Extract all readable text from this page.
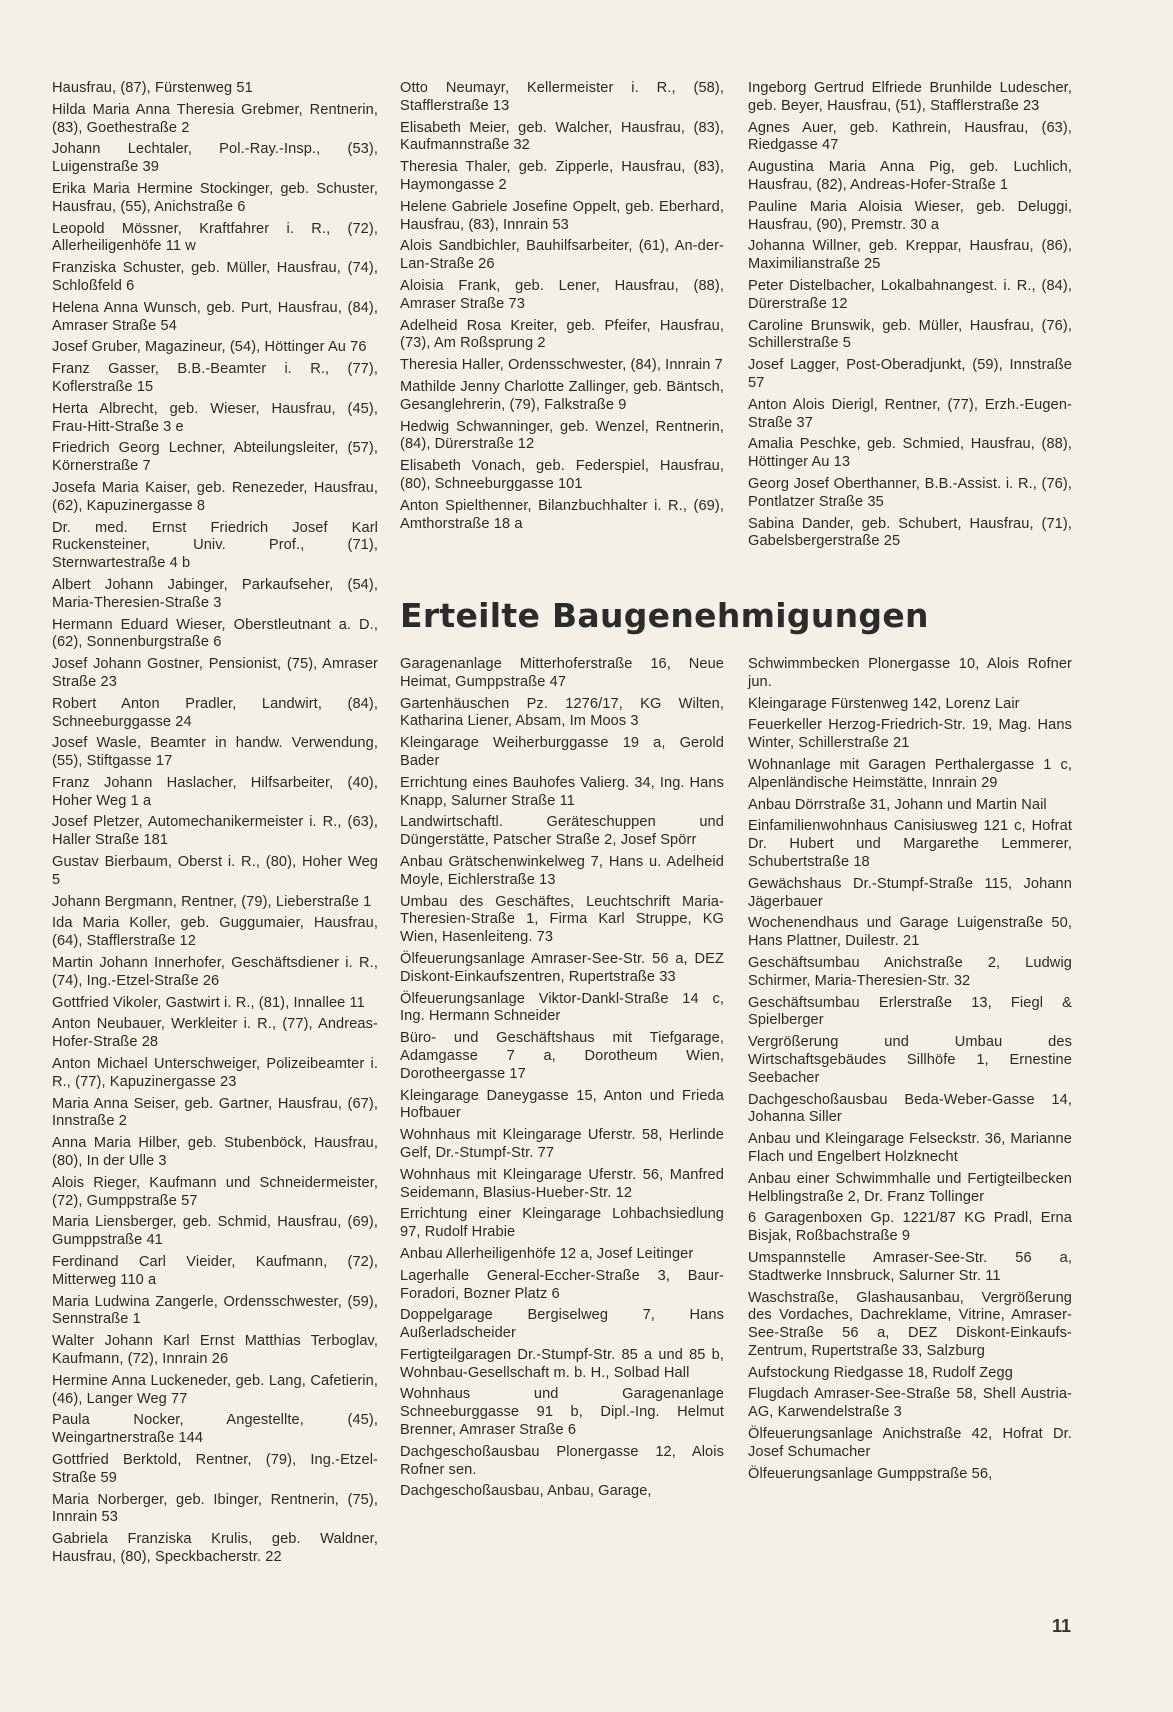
Hausfrau, (87), Fürstenweg 51

Hilda Maria Anna Theresia Grebmer, Rentnerin, (83), Goethestraße 2

Johann Lechtaler, Pol.-Ray.-Insp., (53), Luigenstraße 39

Erika Maria Hermine Stockinger, geb. Schuster, Hausfrau, (55), Anichstraße 6

Leopold Mössner, Kraftfahrer i. R., (72), Allerheiligenhöfe 11 w

Franziska Schuster, geb. Müller, Hausfrau, (74), Schloßfeld 6

Helena Anna Wunsch, geb. Purt, Hausfrau, (84), Amraser Straße 54

Josef Gruber, Magazineur, (54), Höttinger Au 76

Franz Gasser, B.B.-Beamter i. R., (77), Koflerstraße 15

Herta Albrecht, geb. Wieser, Hausfrau, (45), Frau-Hitt-Straße 3 e

Friedrich Georg Lechner, Abteilungsleiter, (57), Körnerstraße 7

Josefa Maria Kaiser, geb. Renezeder, Hausfrau, (62), Kapuzinergasse 8

Dr. med. Ernst Friedrich Josef Karl Ruckensteiner, Univ. Prof., (71), Sternwartestraße 4 b

Albert Johann Jabinger, Parkaufseher, (54), Maria-Theresien-Straße 3

Hermann Eduard Wieser, Oberstleutnant a. D., (62), Sonnenburgstraße 6

Josef Johann Gostner, Pensionist, (75), Amraser Straße 23

Robert Anton Pradler, Landwirt, (84), Schneeburggasse 24

Josef Wasle, Beamter in handw. Verwendung, (55), Stiftgasse 17

Franz Johann Haslacher, Hilfsarbeiter, (40), Hoher Weg 1 a

Josef Pletzer, Automechanikermeister i. R., (63), Haller Straße 181

Gustav Bierbaum, Oberst i. R., (80), Hoher Weg 5

Johann Bergmann, Rentner, (79), Lieberstraße 1

Ida Maria Koller, geb. Guggumaier, Hausfrau, (64), Stafflerstraße 12

Martin Johann Innerhofer, Geschäftsdiener i. R., (74), Ing.-Etzel-Straße 26

Gottfried Vikoler, Gastwirt i. R., (81), Innallee 11

Anton Neubauer, Werkleiter i. R., (77), Andreas-Hofer-Straße 28

Anton Michael Unterschweiger, Polizeibeamter i. R., (77), Kapuzinergasse 23

Maria Anna Seiser, geb. Gartner, Hausfrau, (67), Innstraße 2

Anna Maria Hilber, geb. Stubenböck, Hausfrau, (80), In der Ulle 3

Alois Rieger, Kaufmann und Schneidermeister, (72), Gumppstraße 57

Maria Liensberger, geb. Schmid, Hausfrau, (69), Gumppstraße 41

Ferdinand Carl Vieider, Kaufmann, (72), Mitterweg 110 a

Maria Ludwina Zangerle, Ordensschwester, (59), Sennstraße 1

Walter Johann Karl Ernst Matthias Terboglav, Kaufmann, (72), Innrain 26

Hermine Anna Luckeneder, geb. Lang, Cafetierin, (46), Langer Weg 77

Paula Nocker, Angestellte, (45), Weingartnerstraße 144

Gottfried Berktold, Rentner, (79), Ing.-Etzel-Straße 59

Maria Norberger, geb. Ibinger, Rentnerin, (75), Innrain 53

Gabriela Franziska Krulis, geb. Waldner, Hausfrau, (80), Speckbacherstr. 22

Otto Neumayr, Kellermeister i. R., (58), Stafflerstraße 13

Elisabeth Meier, geb. Walcher, Hausfrau, (83), Kaufmannstraße 32

Theresia Thaler, geb. Zipperle, Hausfrau, (83), Haymongasse 2

Helene Gabriele Josefine Oppelt, geb. Eberhard, Hausfrau, (83), Innrain 53

Alois Sandbichler, Bauhilfsarbeiter, (61), An-der-Lan-Straße 26

Aloisia Frank, geb. Lener, Hausfrau, (88), Amraser Straße 73

Adelheid Rosa Kreiter, geb. Pfeifer, Hausfrau, (73), Am Roßsprung 2

Theresia Haller, Ordensschwester, (84), Innrain 7

Mathilde Jenny Charlotte Zallinger, geb. Bäntsch, Gesanglehrerin, (79), Falkstraße 9

Hedwig Schwanninger, geb. Wenzel, Rentnerin, (84), Dürerstraße 12

Elisabeth Vonach, geb. Federspiel, Hausfrau, (80), Schneeburggasse 101

Anton Spielthenner, Bilanzbuchhalter i. R., (69), Amthorstraße 18 a

Ingeborg Gertrud Elfriede Brunhilde Ludescher, geb. Beyer, Hausfrau, (51), Stafflerstraße 23

Agnes Auer, geb. Kathrein, Hausfrau, (63), Riedgasse 47

Augustina Maria Anna Pig, geb. Luchlich, Hausfrau, (82), Andreas-Hofer-Straße 1

Pauline Maria Aloisia Wieser, geb. Deluggi, Hausfrau, (90), Premstr. 30 a

Johanna Willner, geb. Kreppar, Hausfrau, (86), Maximilianstraße 25

Peter Distelbacher, Lokalbahnangest. i. R., (84), Dürerstraße 12

Caroline Brunswik, geb. Müller, Hausfrau, (76), Schillerstraße 5

Josef Lagger, Post-Oberadjunkt, (59), Innstraße 57

Anton Alois Dierigl, Rentner, (77), Erzh.-Eugen-Straße 37

Amalia Peschke, geb. Schmied, Hausfrau, (88), Höttinger Au 13

Georg Josef Oberthanner, B.B.-Assist. i. R., (76), Pontlatzer Straße 35

Sabina Dander, geb. Schubert, Hausfrau, (71), Gabelsbergerstraße 25

Erteilte Baugenehmigungen

Garagenanlage Mitterhoferstraße 16, Neue Heimat, Gumppstraße 47

Gartenhäuschen Pz. 1276/17, KG Wilten, Katharina Liener, Absam, Im Moos 3

Kleingarage Weiherburggasse 19 a, Gerold Bader

Errichtung eines Bauhofes Valierg. 34, Ing. Hans Knapp, Salurner Straße 11

Landwirtschaftl. Geräteschuppen und Düngerstätte, Patscher Straße 2, Josef Spörr

Anbau Grätschenwinkelweg 7, Hans u. Adelheid Moyle, Eichlerstraße 13

Umbau des Geschäftes, Leuchtschrift Maria-Theresien-Straße 1, Firma Karl Struppe, KG Wien, Hasenleiteng. 73

Ölfeuerungsanlage Amraser-See-Str. 56 a, DEZ Diskont-Einkaufszentren, Rupertstraße 33

Ölfeuerungsanlage Viktor-Dankl-Straße 14 c, Ing. Hermann Schneider

Büro- und Geschäftshaus mit Tiefgarage, Adamgasse 7 a, Dorotheum Wien, Dorotheergasse 17

Kleingarage Daneygasse 15, Anton und Frieda Hofbauer

Wohnhaus mit Kleingarage Uferstr. 58, Herlinde Gelf, Dr.-Stumpf-Str. 77

Wohnhaus mit Kleingarage Uferstr. 56, Manfred Seidemann, Blasius-Hueber-Str. 12

Errichtung einer Kleingarage Lohbachsiedlung 97, Rudolf Hrabie

Anbau Allerheiligenhöfe 12 a, Josef Leitinger

Lagerhalle General-Eccher-Straße 3, Baur-Foradori, Bozner Platz 6

Doppelgarage Bergiselweg 7, Hans Außerladscheider

Fertigteilgaragen Dr.-Stumpf-Str. 85 a und 85 b, Wohnbau-Gesellschaft m. b. H., Solbad Hall

Wohnhaus und Garagenanlage Schneeburggasse 91 b, Dipl.-Ing. Helmut Brenner, Amraser Straße 6

Dachgeschoßausbau Plonergasse 12, Alois Rofner sen.

Dachgeschoßausbau, Anbau, Garage,

Schwimmbecken Plonergasse 10, Alois Rofner jun.

Kleingarage Fürstenweg 142, Lorenz Lair

Feuerkeller Herzog-Friedrich-Str. 19, Mag. Hans Winter, Schillerstraße 21

Wohnanlage mit Garagen Perthalergasse 1 c, Alpenländische Heimstätte, Innrain 29

Anbau Dörrstraße 31, Johann und Martin Nail

Einfamilienwohnhaus Canisiusweg 121 c, Hofrat Dr. Hubert und Margarethe Lemmerer, Schubertstraße 18

Gewächshaus Dr.-Stumpf-Straße 115, Johann Jägerbauer

Wochenendhaus und Garage Luigenstraße 50, Hans Plattner, Duilestr. 21

Geschäftsumbau Anichstraße 2, Ludwig Schirmer, Maria-Theresien-Str. 32

Geschäftsumbau Erlerstraße 13, Fiegl & Spielberger

Vergrößerung und Umbau des Wirtschaftsgebäudes Sillhöfe 1, Ernestine Seebacher

Dachgeschoßausbau Beda-Weber-Gasse 14, Johanna Siller

Anbau und Kleingarage Felseckstr. 36, Marianne Flach und Engelbert Holzknecht

Anbau einer Schwimmhalle und Fertigteilbecken Helblingstraße 2, Dr. Franz Tollinger

6 Garagenboxen Gp. 1221/87 KG Pradl, Erna Bisjak, Roßbachstraße 9

Umspannstelle Amraser-See-Str. 56 a, Stadtwerke Innsbruck, Salurner Str. 11

Waschstraße, Glashausanbau, Vergrößerung des Vordaches, Dachreklame, Vitrine, Amraser-See-Straße 56 a, DEZ Diskont-Einkaufs-Zentrum, Rupertstraße 33, Salzburg

Aufstockung Riedgasse 18, Rudolf Zegg

Flugdach Amraser-See-Straße 58, Shell Austria-AG, Karwendelstraße 3

Ölfeuerungsanlage Anichstraße 42, Hofrat Dr. Josef Schumacher

Ölfeuerungsanlage Gumppstraße 56,

11
